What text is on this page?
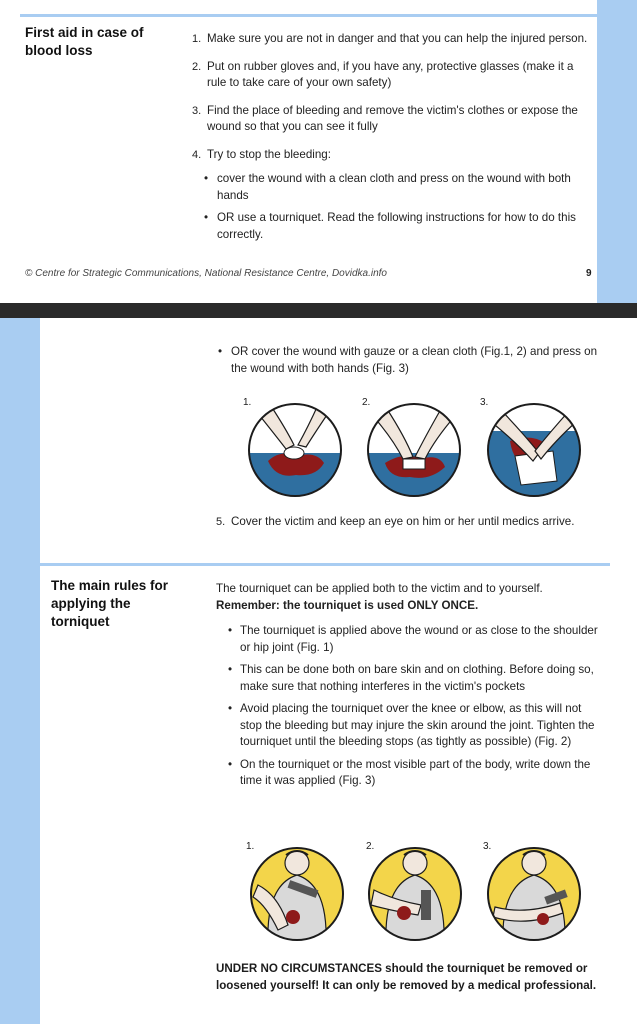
First aid in case of blood loss
1. Make sure you are not in danger and that you can help the injured person.
2. Put on rubber gloves and, if you have any, protective glasses (make it a rule to take care of your own safety)
3. Find the place of bleeding and remove the victim's clothes or expose the wound so that you can see it fully
4. Try to stop the bleeding:
• cover the wound with a clean cloth and press on the wound with both hands
• OR use a tourniquet. Read the following instructions for how to do this correctly.
© Centre for Strategic Communications, National Resistance Centre, Dovidka.info	9
• OR cover the wound with gauze or a clean cloth (Fig.1, 2) and press on the wound with both hands (Fig. 3)
1.	2.	3.
5. Cover the victim and keep an eye on him or her until medics arrive.
The main rules for applying the torniquet
The tourniquet can be applied both to the victim and to yourself.
Remember: the tourniquet is used ONLY ONCE.
• The tourniquet is applied above the wound or as close to the shoulder or hip joint (Fig. 1)
• This can be done both on bare skin and on clothing. Before doing so, make sure that nothing interferes in the victim's pockets
• Avoid placing the tourniquet over the knee or elbow, as this will not stop the bleeding but may injure the skin around the joint. Tighten the tourniquet until the bleeding stops (as tightly as possible) (Fig. 2)
• On the tourniquet or the most visible part of the body, write down the time it was applied (Fig. 3)
1.	2.	3.
UNDER NO CIRCUMSTANCES should the tourniquet be removed or loosened yourself! It can only be removed by a medical professional.
